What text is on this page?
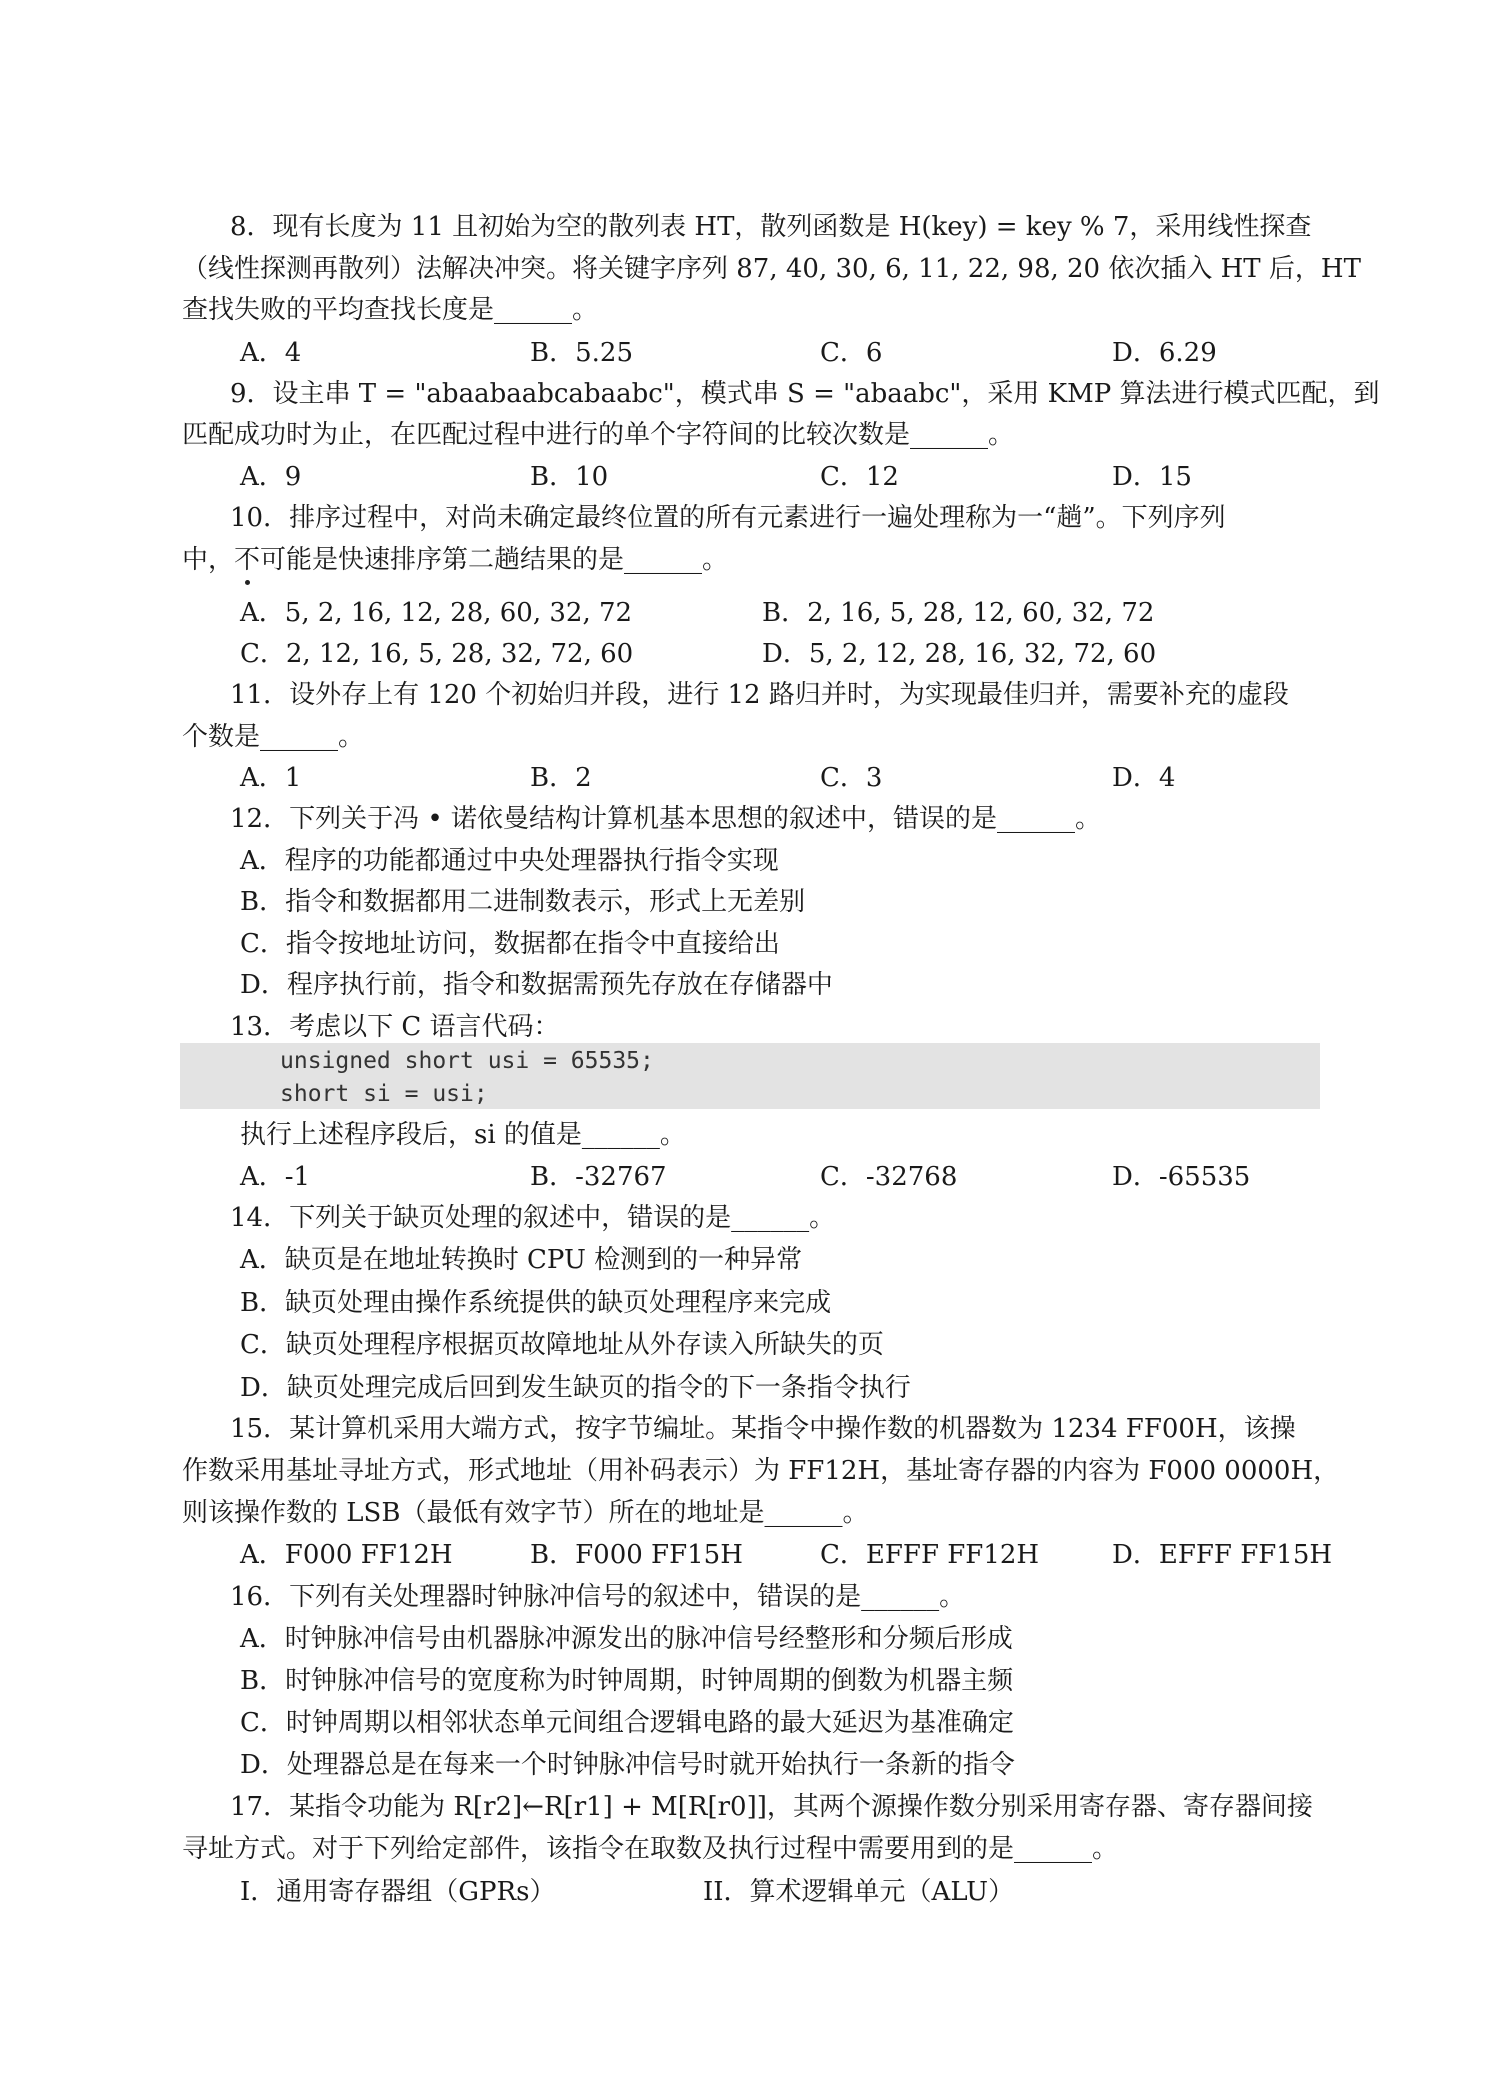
8．现有长度为 11 且初始为空的散列表 HT，散列函数是 H(key) = key % 7，采用线性探查
（线性探测再散列）法解决冲突。将关键字序列 87, 40, 30, 6, 11, 22, 98, 20 依次插入 HT 后，HT
查找失败的平均查找长度是______。
A．4	B．5.25	C．6	D．6.29
9．设主串 T = "abaabaabcabaabc"，模式串 S = "abaabc"，采用 KMP 算法进行模式匹配，到
匹配成功时为止，在匹配过程中进行的单个字符间的比较次数是______。
A．9	B．10	C．12	D．15
10．排序过程中，对尚未确定最终位置的所有元素进行一遍处理称为一“趟”。下列序列
中，不可能是快速排序第二趟结果的是______。
A．5, 2, 16, 12, 28, 60, 32, 72	B．2, 16, 5, 28, 12, 60, 32, 72
C．2, 12, 16, 5, 28, 32, 72, 60	D．5, 2, 12, 28, 16, 32, 72, 60
11．设外存上有 120 个初始归并段，进行 12 路归并时，为实现最佳归并，需要补充的虚段
个数是______。
A．1	B．2	C．3	D．4
12．下列关于冯 • 诺依曼结构计算机基本思想的叙述中，错误的是______。
A．程序的功能都通过中央处理器执行指令实现
B．指令和数据都用二进制数表示，形式上无差别
C．指令按地址访问，数据都在指令中直接给出
D．程序执行前，指令和数据需预先存放在存储器中
13．考虑以下 C 语言代码：
unsigned short usi = 65535;
short si = usi;
执行上述程序段后，si 的值是______。
A．-1	B．-32767	C．-32768	D．-65535
14．下列关于缺页处理的叙述中，错误的是______。
A．缺页是在地址转换时 CPU 检测到的一种异常
B．缺页处理由操作系统提供的缺页处理程序来完成
C．缺页处理程序根据页故障地址从外存读入所缺失的页
D．缺页处理完成后回到发生缺页的指令的下一条指令执行
15．某计算机采用大端方式，按字节编址。某指令中操作数的机器数为 1234 FF00H，该操
作数采用基址寻址方式，形式地址（用补码表示）为 FF12H，基址寄存器的内容为 F000 0000H，
则该操作数的 LSB（最低有效字节）所在的地址是______。
A．F000 FF12H	B．F000 FF15H	C．EFFF FF12H	D．EFFF FF15H
16．下列有关处理器时钟脉冲信号的叙述中，错误的是______。
A．时钟脉冲信号由机器脉冲源发出的脉冲信号经整形和分频后形成
B．时钟脉冲信号的宽度称为时钟周期，时钟周期的倒数为机器主频
C．时钟周期以相邻状态单元间组合逻辑电路的最大延迟为基准确定
D．处理器总是在每来一个时钟脉冲信号时就开始执行一条新的指令
17．某指令功能为 R[r2]←R[r1] + M[R[r0]]，其两个源操作数分别采用寄存器、寄存器间接
寻址方式。对于下列给定部件，该指令在取数及执行过程中需要用到的是______。
I．通用寄存器组（GPRs）	II．算术逻辑单元（ALU）
